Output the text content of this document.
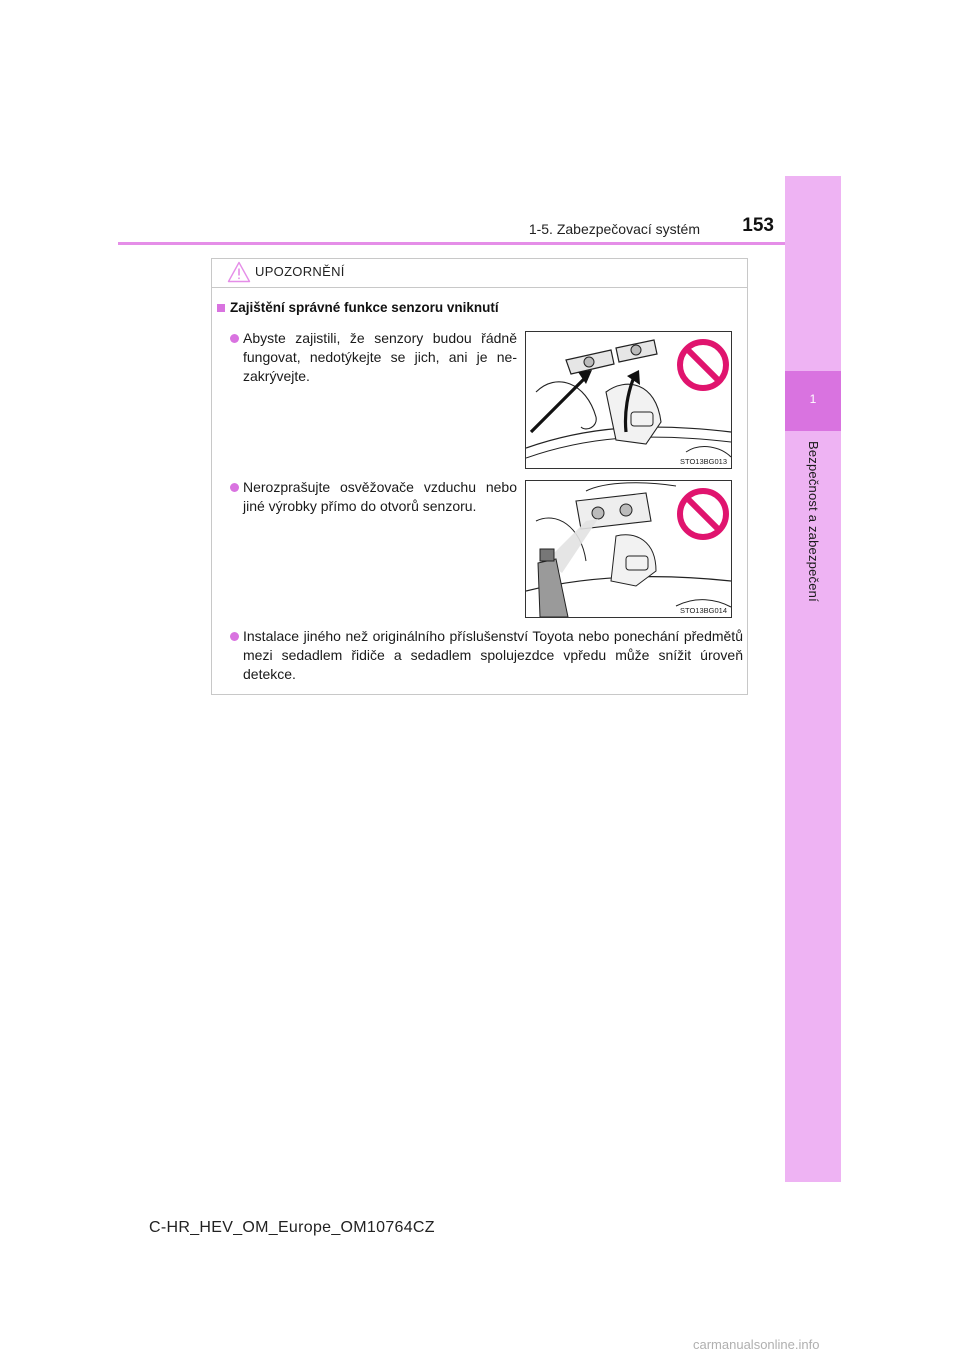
1-5. Zabezpečovací systém	153
1
Bezpečnost a zabezpečení
UPOZORNĚNÍ
Zajištění správné funkce senzoru vniknutí
Abyste zajistili, že senzory budou řádně fungovat, nedotýkejte se jich, ani je ne-zakrývejte.
STO13BG013
Nerozprašujte osvěžovače vzduchu nebo jiné výrobky přímo do otvorů senzoru.
STO13BG014
Instalace jiného než originálního příslušenství Toyota nebo ponechání předmětů mezi sedadlem řidiče a sedadlem spolujezdce vpředu může snížit úroveň detekce.
C-HR_HEV_OM_Europe_OM10764CZ
carmanualsonline.info
